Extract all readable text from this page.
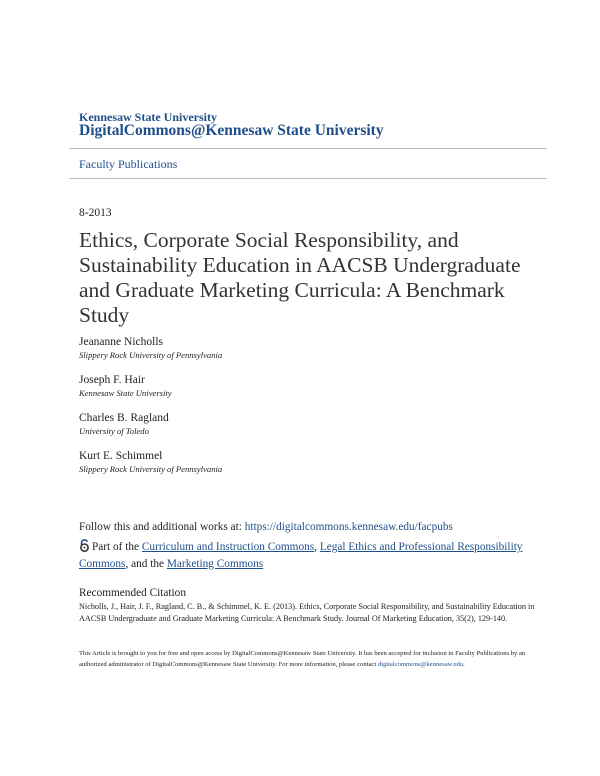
Kennesaw State University
DigitalCommons@Kennesaw State University
Faculty Publications
8-2013
Ethics, Corporate Social Responsibility, and Sustainability Education in AACSB Undergraduate and Graduate Marketing Curricula: A Benchmark Study
Jeananne Nicholls
Slippery Rock University of Pennsylvania
Joseph F. Hair
Kennesaw State University
Charles B. Ragland
University of Toledo
Kurt E. Schimmel
Slippery Rock University of Pennsylvania
Follow this and additional works at: https://digitalcommons.kennesaw.edu/facpubs
Part of the Curriculum and Instruction Commons, Legal Ethics and Professional Responsibility Commons, and the Marketing Commons
Recommended Citation
Nicholls, J., Hair, J. F., Ragland, C. B., & Schimmel, K. E. (2013). Ethics, Corporate Social Responsibility, and Sustainability Education in AACSB Undergraduate and Graduate Marketing Curricula: A Benchmark Study. Journal Of Marketing Education, 35(2), 129-140.
This Article is brought to you for free and open access by DigitalCommons@Kennesaw State University. It has been accepted for inclusion in Faculty Publications by an authorized administrator of DigitalCommons@Kennesaw State University. For more information, please contact digitalcommons@kennesaw.edu.
